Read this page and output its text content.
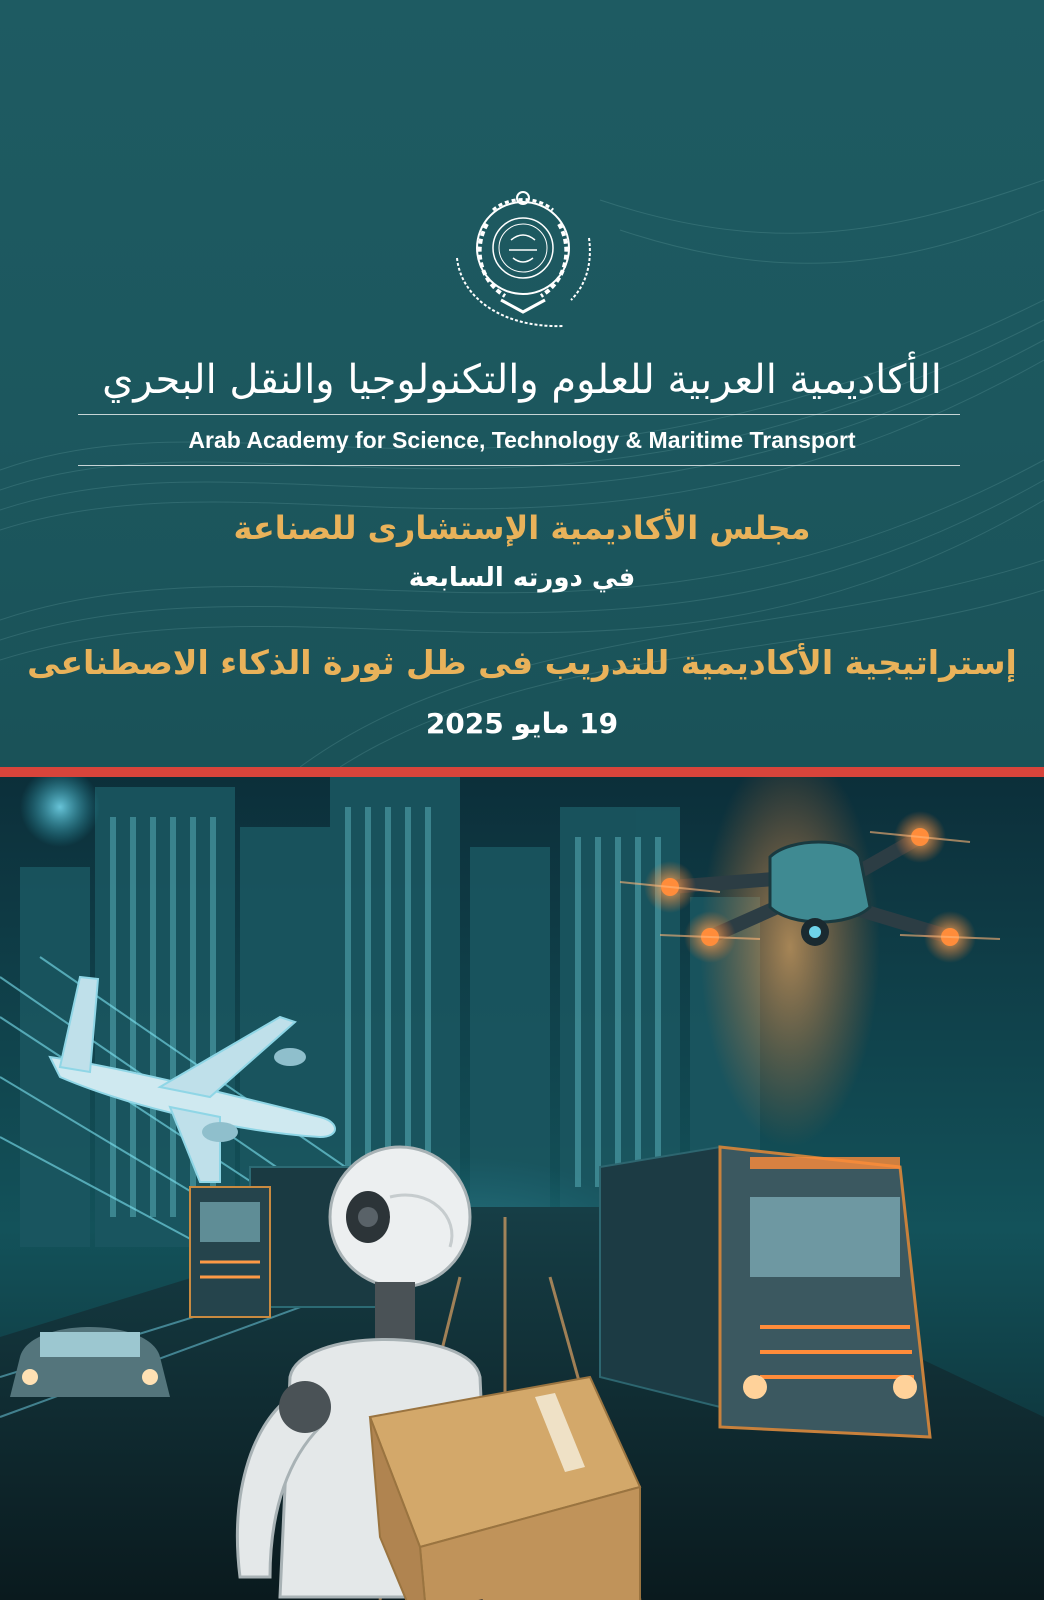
الأكاديمية العربية للعلوم والتكنولوجيا والنقل البحري
Arab Academy for Science, Technology & Maritime Transport
مجلس الأكاديمية الإستشارى للصناعة
في دورته السابعة
إستراتيجية الأكاديمية للتدريب فى ظل ثورة الذكاء الاصطناعى
19 مايو 2025
